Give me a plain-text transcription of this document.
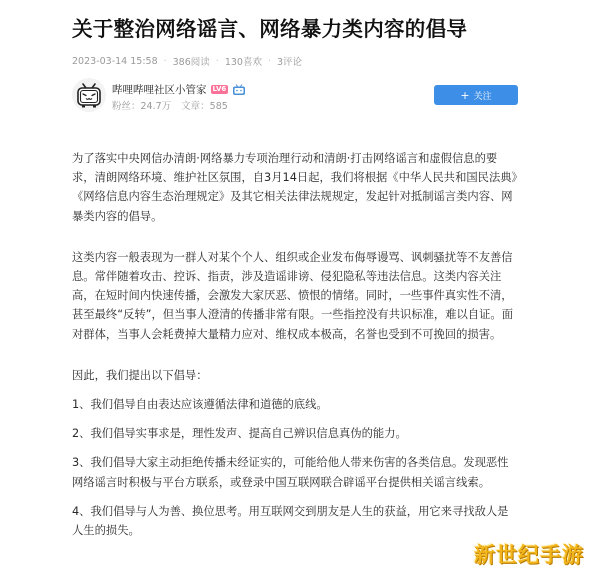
关于整治网络谣言、网络暴力类内容的倡导
2023-03-14 15:58 · 386阅读 · 130喜欢 · 3评论
哔哩哔哩社区小管家 LV6
粉丝：24.7万 文章：585
+ 关注

为了落实中央网信办清朗·网络暴力专项治理行动和清朗·打击网络谣言和虚假信息的要求，清朗网络环境、维护社区氛围，自3月14日起，我们将根据《中华人民共和国民法典》《网络信息内容生态治理规定》及其它相关法律法规规定，发起针对抵制谣言类内容、网暴类内容的倡导。

这类内容一般表现为一群人对某个个人、组织或企业发布侮辱谩骂、讽刺骚扰等不友善信息。常伴随着攻击、控诉、指责，涉及造谣诽谤、侵犯隐私等违法信息。这类内容关注高，在短时间内快速传播，会激发大家厌恶、愤恨的情绪。同时，一些事件真实性不清，甚至最终“反转”，但当事人澄清的传播非常有限。一些指控没有共识标准，难以自证。面对群体，当事人会耗费掉大量精力应对、维权成本极高，名誉也受到不可挽回的损害。

因此，我们提出以下倡导：

1、我们倡导自由表达应该遵循法律和道德的底线。

2、我们倡导实事求是，理性发声、提高自己辨识信息真伪的能力。

3、我们倡导大家主动拒绝传播未经证实的，可能给他人带来伤害的各类信息。发现恶性网络谣言时积极与平台方联系，或登录中国互联网联合辟谣平台提供相关谣言线索。

4、我们倡导与人为善、换位思考。用互联网交到朋友是人生的获益，用它来寻找敌人是人生的损失。

新世纪手游
